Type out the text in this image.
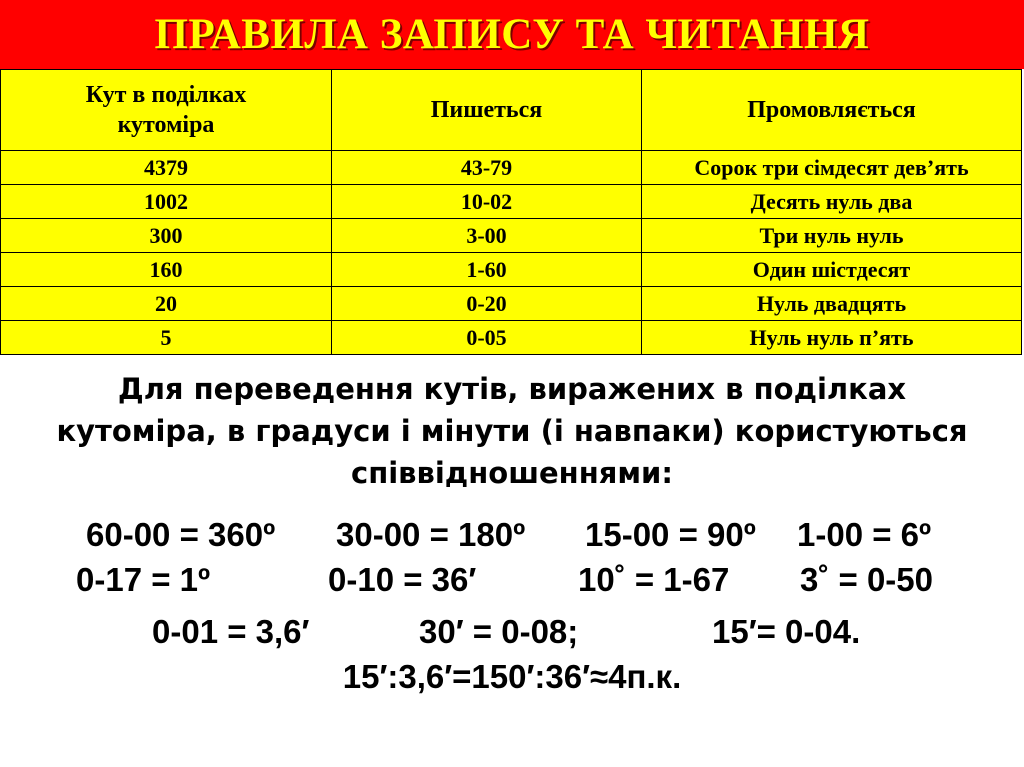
ПРАВИЛА ЗАПИСУ ТА ЧИТАННЯ
Кут в поділках кутоміра	Пишеться	Промовляється
4379	43-79	Сорок три сімдесят дев’ять
1002	10-02	Десять нуль два
300	3-00	Три нуль нуль
160	1-60	Один шістдесят
20	0-20	Нуль двадцять
5	0-05	Нуль нуль п’ять

Для переведення кутів, виражених в поділках

кутоміра, в градуси і мінути (і навпаки) користуються

співвідношеннями:

60-00 = 360º 30-00 = 180º 15-00 = 90º 1-00 = 6º
0-17 = 1º	0-10 = 36′	10˚ = 1-67 3˚ = 0-50
0-01 = 3,6′	30′ = 0-08;	15′= 0-04.
15′:3,6′=150′:36′≈4п.к.
